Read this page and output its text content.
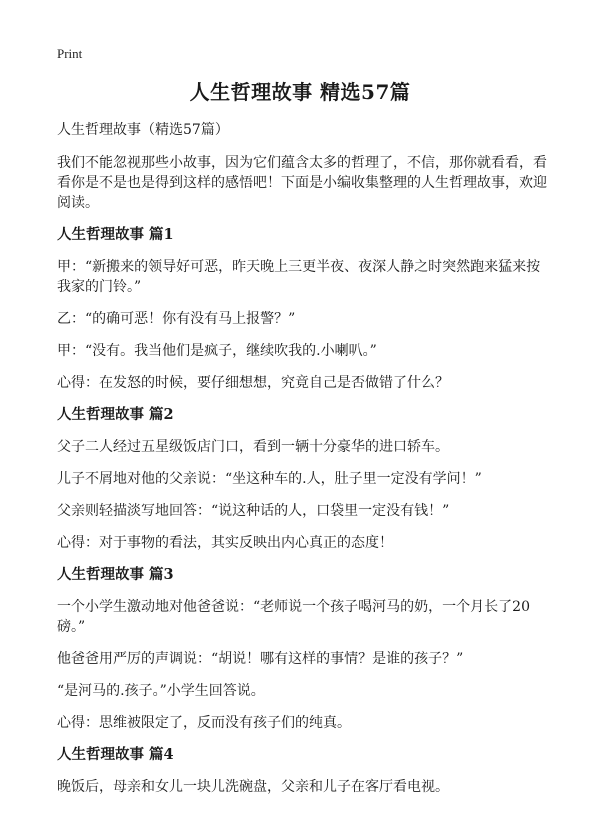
Print
人生哲理故事 精选57篇

人生哲理故事（精选57篇）

我们不能忽视那些小故事，因为它们蕴含太多的哲理了，不信，那你就看看，看看你是不是也是得到这样的感悟吧！下面是小编收集整理的人生哲理故事，欢迎阅读。

人生哲理故事 篇1

甲：“新搬来的领导好可恶，昨天晚上三更半夜、夜深人静之时突然跑来猛来按我家的门铃。”

乙：“的确可恶！你有没有马上报警？”

甲：“没有。我当他们是疯子，继续吹我的.小喇叭。”

心得：在发怒的时候，要仔细想想，究竟自己是否做错了什么？

人生哲理故事 篇2

父子二人经过五星级饭店门口，看到一辆十分豪华的进口轿车。

儿子不屑地对他的父亲说：“坐这种车的.人，肚子里一定没有学问！”

父亲则轻描淡写地回答：“说这种话的人，口袋里一定没有钱！”

心得：对于事物的看法，其实反映出内心真正的态度！

人生哲理故事 篇3

一个小学生激动地对他爸爸说：“老师说一个孩子喝河马的奶，一个月长了20磅。”

他爸爸用严厉的声调说：“胡说！哪有这样的事情？是谁的孩子？”

“是河马的.孩子。”小学生回答说。

心得：思维被限定了，反而没有孩子们的纯真。

人生哲理故事 篇4

晚饭后，母亲和女儿一块儿洗碗盘，父亲和儿子在客厅看电视。
